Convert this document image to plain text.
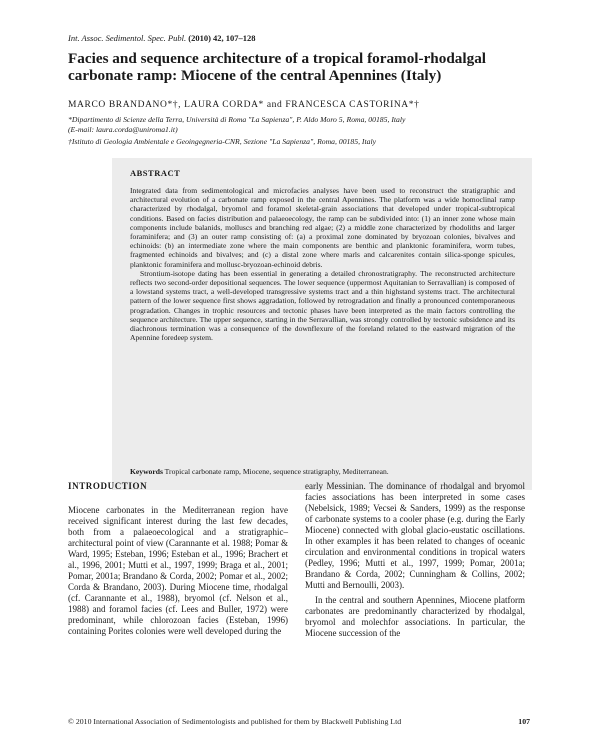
Int. Assoc. Sedimentol. Spec. Publ. (2010) 42, 107–128
Facies and sequence architecture of a tropical foramol-rhodalgal carbonate ramp: Miocene of the central Apennines (Italy)
MARCO BRANDANO*†, LAURA CORDA* and FRANCESCA CASTORINA*†
*Dipartimento di Scienze della Terra, Università di Roma "La Sapienza", P. Aldo Moro 5, Roma, 00185, Italy
(E-mail: laura.corda@uniroma1.it)
†Istituto di Geologia Ambientale e Geoingegneria-CNR, Sezione "La Sapienza", Roma, 00185, Italy
ABSTRACT

Integrated data from sedimentological and microfacies analyses have been used to reconstruct the stratigraphic and architectural evolution of a carbonate ramp exposed in the central Apennines. The platform was a wide homoclinal ramp characterized by rhodalgal, bryomol and foramol skeletal-grain associations that developed under tropical-subtropical conditions. Based on facies distribution and palaeoecology, the ramp can be subdivided into: (1) an inner zone whose main components include balanids, molluscs and branching red algae; (2) a middle zone characterized by rhodoliths and larger foraminifera; and (3) an outer ramp consisting of: (a) a proximal zone dominated by bryozoan colonies, bivalves and echinoids: (b) an intermediate zone where the main components are benthic and planktonic foraminifera, worm tubes, fragmented echinoids and bivalves; and (c) a distal zone where marls and calcarenites contain silica-sponge spicules, planktonic foraminifera and mollusc-bryozoan-echinoid debris.

Strontium-isotope dating has been essential in generating a detailed chronostratigraphy. The reconstructed architecture reflects two second-order depositional sequences. The lower sequence (uppermost Aquitanian to Serravallian) is composed of a lowstand systems tract, a well-developed transgressive systems tract and a thin highstand systems tract. The architectural pattern of the lower sequence first shows aggradation, followed by retrogradation and finally a pronounced contemporaneous progradation. Changes in trophic resources and tectonic phases have been interpreted as the main factors controlling the sequence architecture. The upper sequence, starting in the Serravallian, was strongly controlled by tectonic subsidence and its diachronous termination was a consequence of the downflexure of the foreland related to the eastward migration of the Apennine foredeep system.

Keywords Tropical carbonate ramp, Miocene, sequence stratigraphy, Mediterranean.
INTRODUCTION

Miocene carbonates in the Mediterranean region have received significant interest during the last few decades, both from a palaeoecological and a stratigraphic–architectural point of view (Carannante et al. 1988; Pomar & Ward, 1995; Esteban, 1996; Esteban et al., 1996; Brachert et al., 1996, 2001; Mutti et al., 1997, 1999; Braga et al., 2001; Pomar, 2001a; Brandano & Corda, 2002; Pomar et al., 2002; Corda & Brandano, 2003). During Miocene time, rhodalgal (cf. Carannante et al., 1988), bryomol (cf. Nelson et al., 1988) and foramol facies (cf. Lees and Buller, 1972) were predominant, while chlorozoan facies (Esteban, 1996) containing Porites colonies were well developed during the

early Messinian. The dominance of rhodalgal and bryomol facies associations has been interpreted in some cases (Nebelsick, 1989; Vecsei & Sanders, 1999) as the response of carbonate systems to a cooler phase (e.g. during the Early Miocene) connected with global glacio-eustatic oscillations. In other examples it has been related to changes of oceanic circulation and environmental conditions in tropical waters (Pedley, 1996; Mutti et al., 1997, 1999; Pomar, 2001a; Brandano & Corda, 2002; Cunningham & Collins, 2002; Mutti and Bernoulli, 2003).

In the central and southern Apennines, Miocene platform carbonates are predominantly characterized by rhodalgal, bryomol and molechfor associations. In particular, the Miocene succession of the

© 2010 International Association of Sedimentologists and published for them by Blackwell Publishing Ltd	107
